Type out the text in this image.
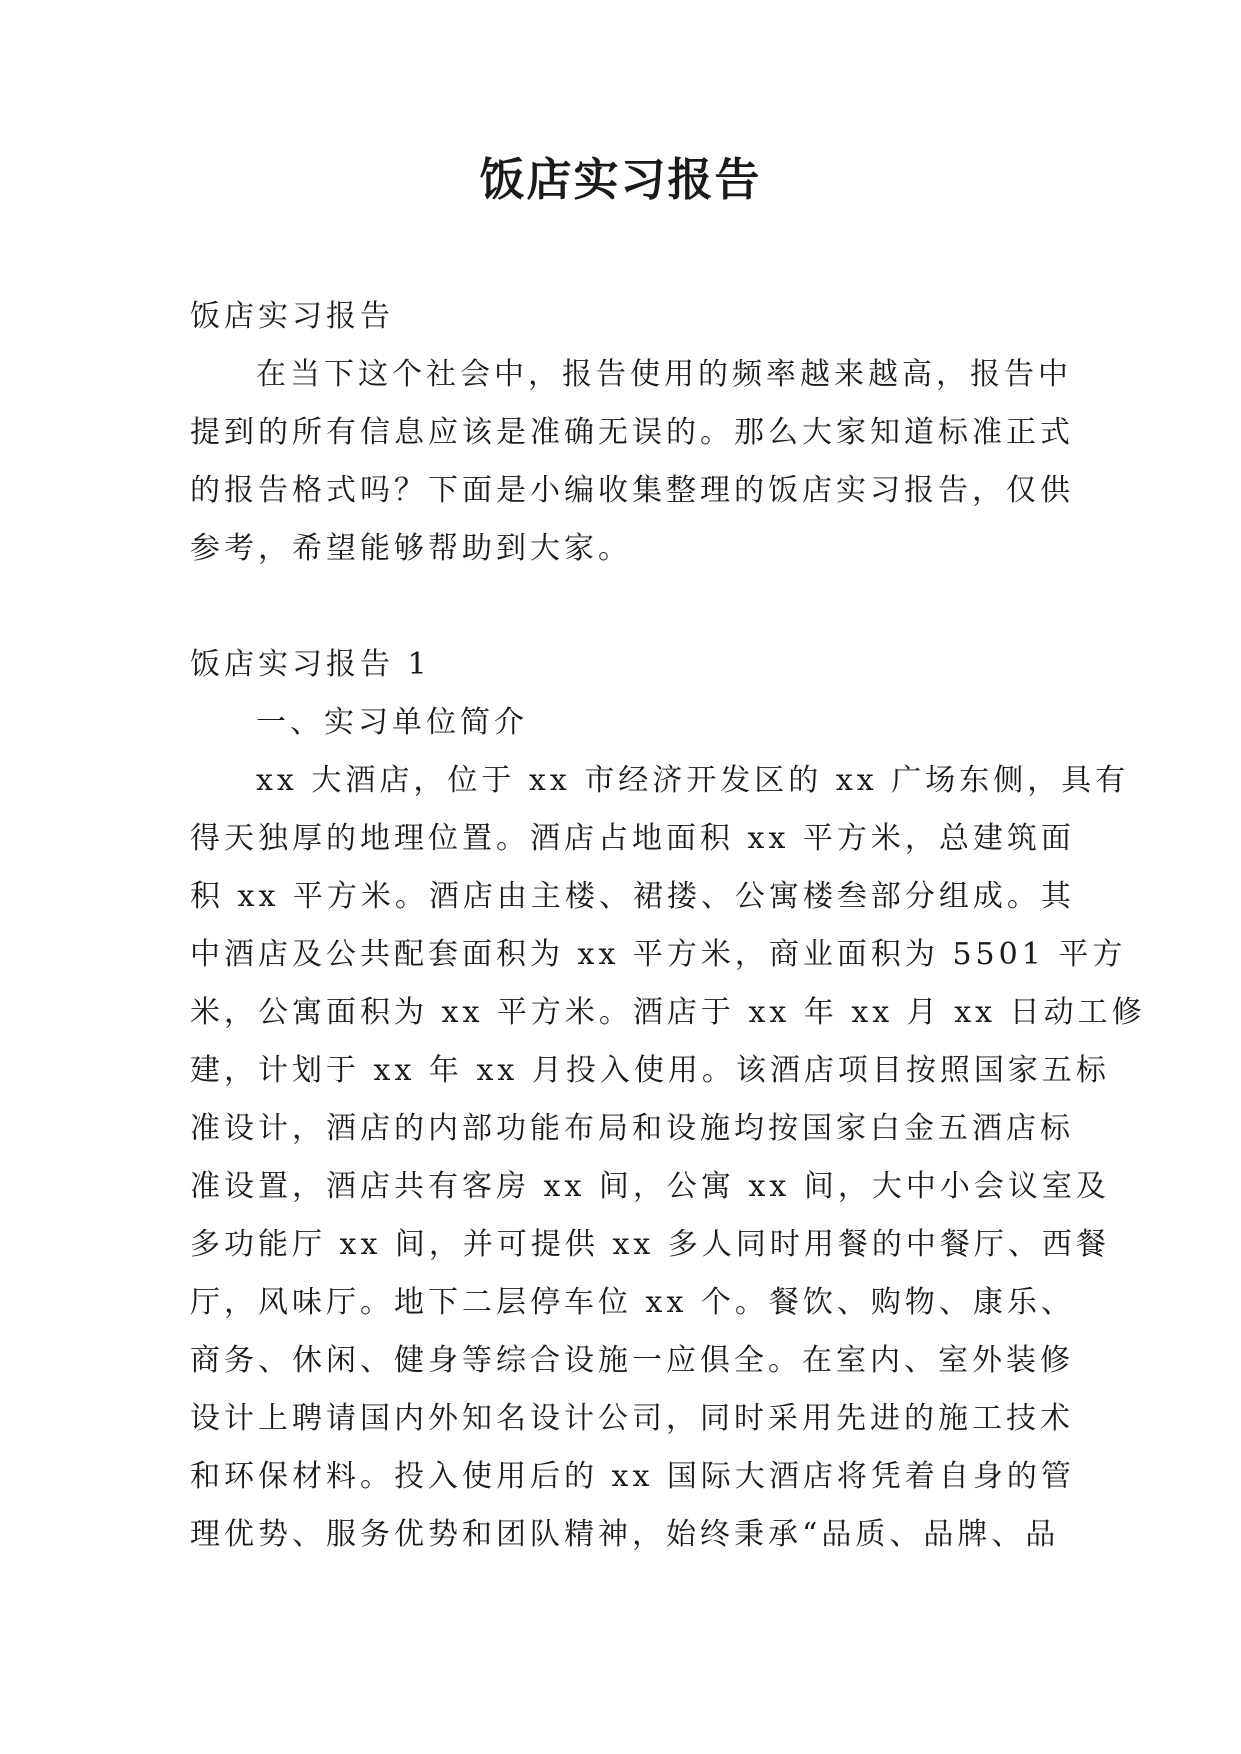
饭店实习报告
饭店实习报告
在当下这个社会中，报告使用的频率越来越高，报告中
提到的所有信息应该是准确无误的。那么大家知道标准正式
的报告格式吗？下面是小编收集整理的饭店实习报告，仅供
参考，希望能够帮助到大家。
饭店实习报告 1
一、实习单位简介
xx 大酒店，位于 xx 市经济开发区的 xx 广场东侧，具有
得天独厚的地理位置。酒店占地面积 xx 平方米，总建筑面
积 xx 平方米。酒店由主楼、裙搂、公寓楼叁部分组成。其
中酒店及公共配套面积为 xx 平方米，商业面积为 5501 平方
米，公寓面积为 xx 平方米。酒店于 xx 年 xx 月 xx 日动工修
建，计划于 xx 年 xx 月投入使用。该酒店项目按照国家五标
准设计，酒店的内部功能布局和设施均按国家白金五酒店标
准设置，酒店共有客房 xx 间，公寓 xx 间，大中小会议室及
多功能厅 xx 间，并可提供 xx 多人同时用餐的中餐厅、西餐
厅，风味厅。地下二层停车位 xx 个。餐饮、购物、康乐、
商务、休闲、健身等综合设施一应俱全。在室内、室外装修
设计上聘请国内外知名设计公司，同时采用先进的施工技术
和环保材料。投入使用后的 xx 国际大酒店将凭着自身的管
理优势、服务优势和团队精神，始终秉承“品质、品牌、品
